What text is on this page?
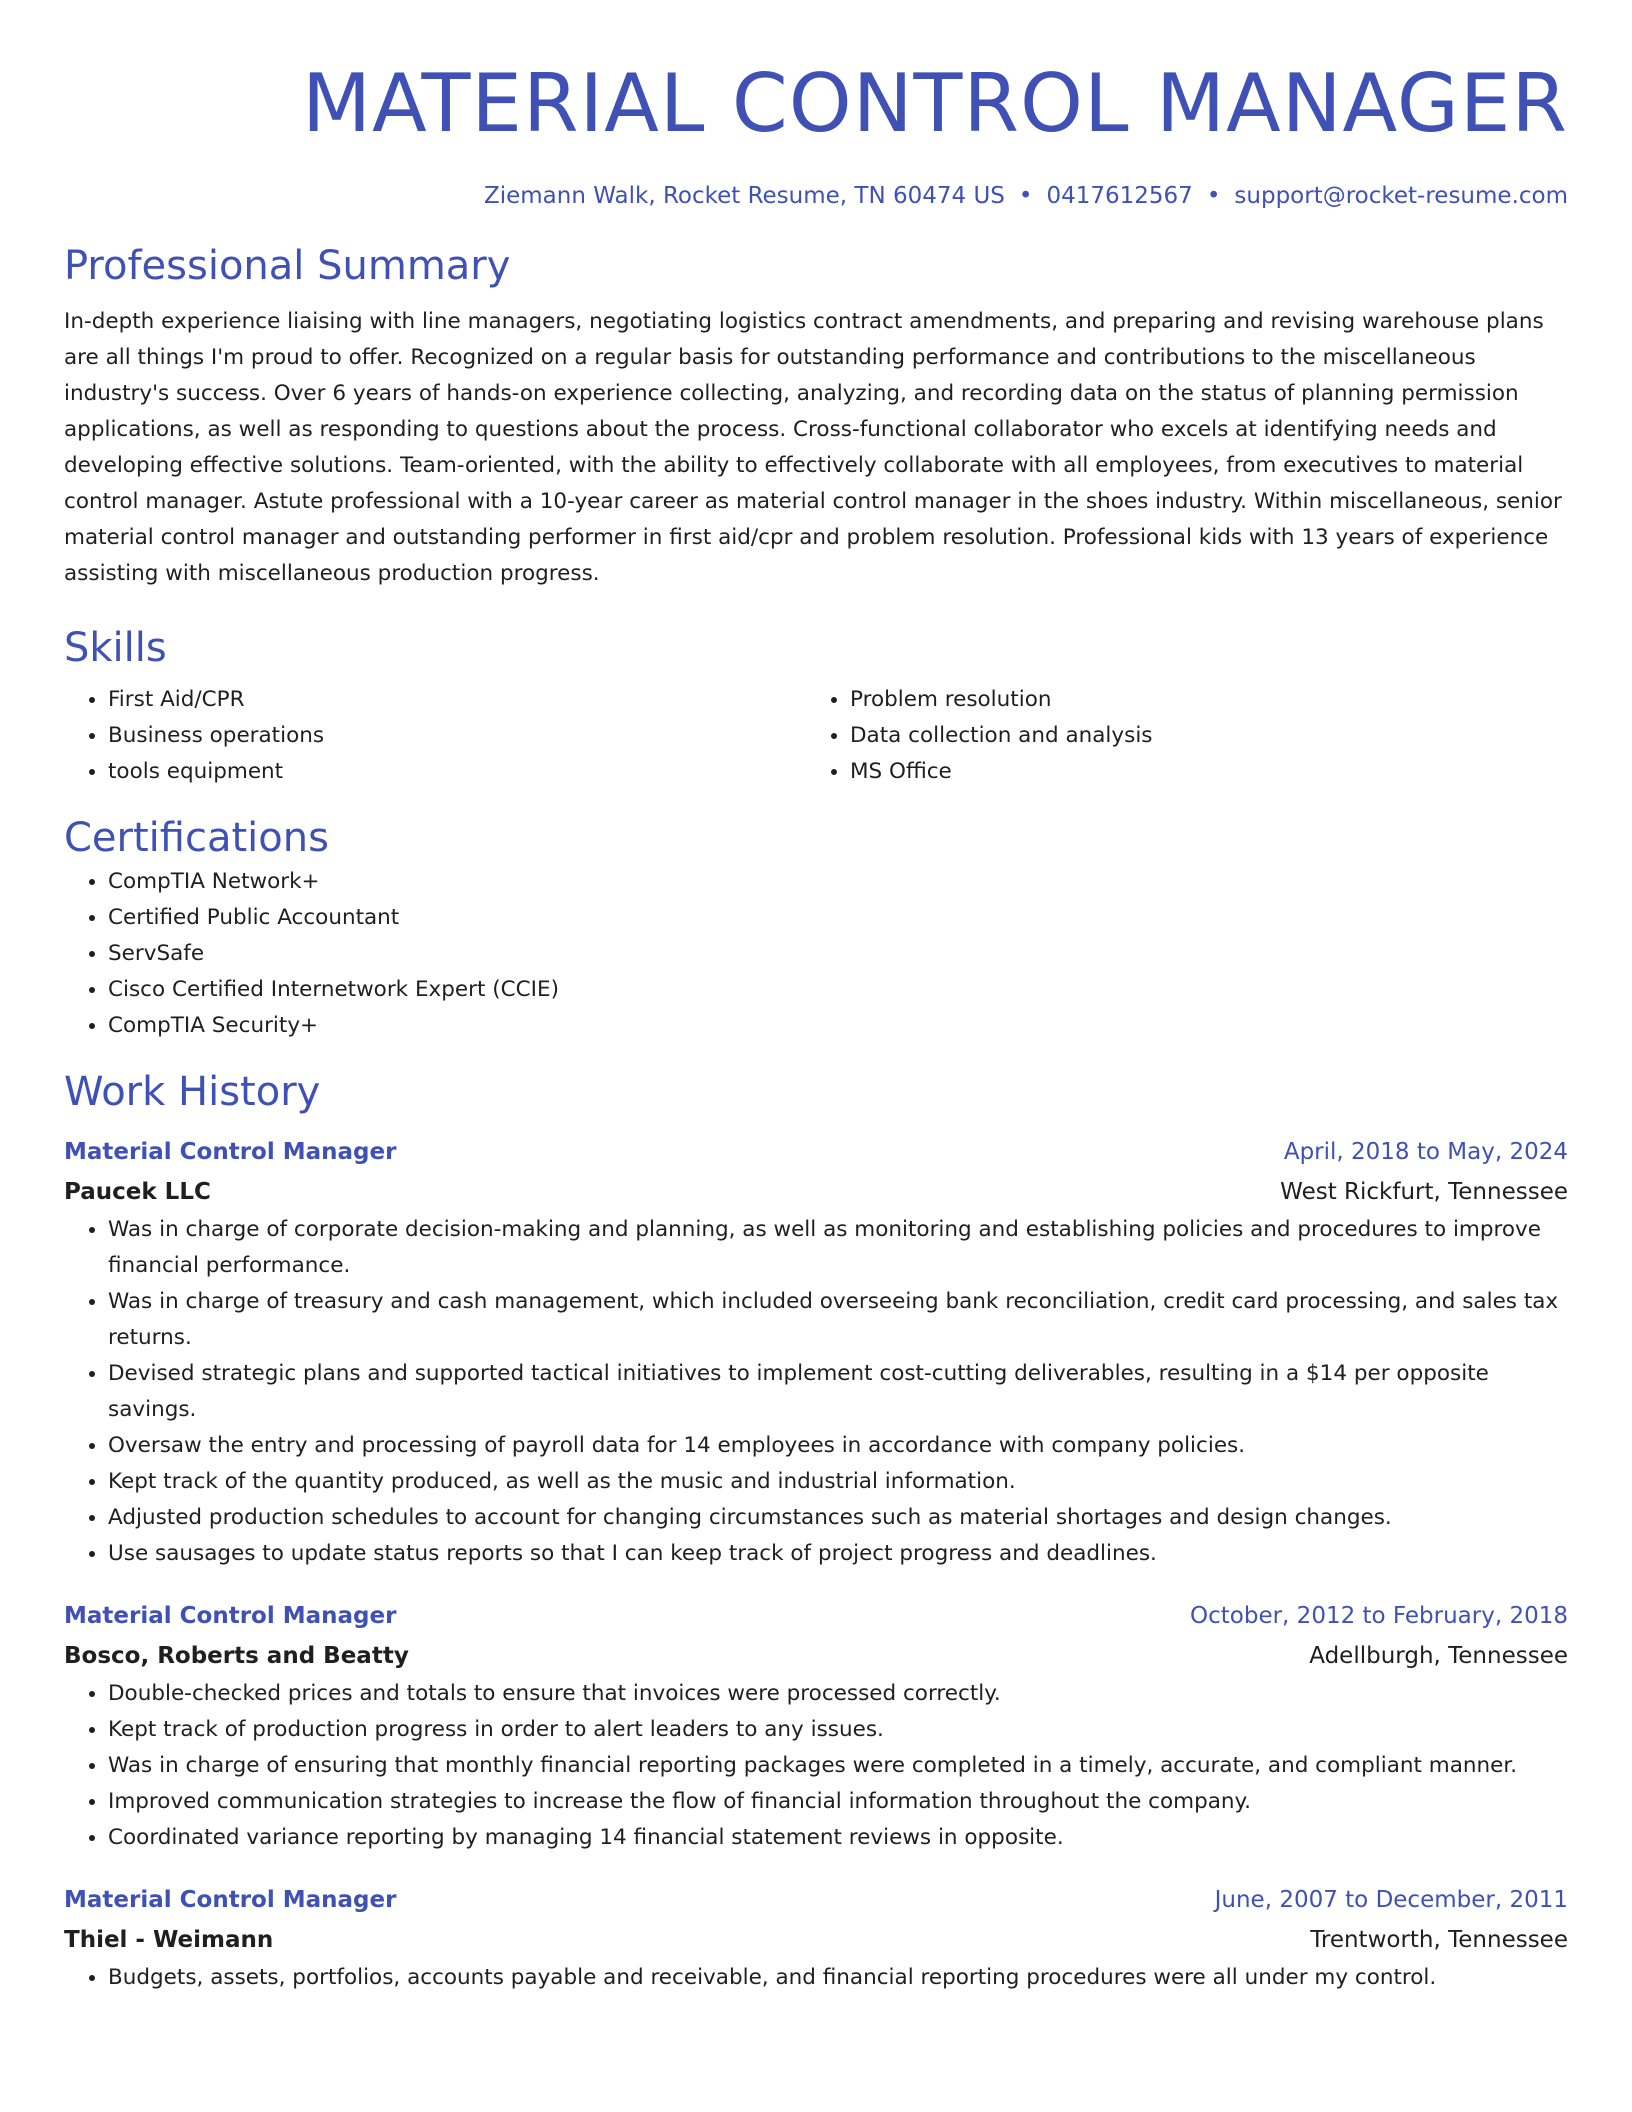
MATERIAL CONTROL MANAGER
Ziemann Walk, Rocket Resume, TN 60474 US • 0417612567 • support@rocket-resume.com
Professional Summary
In-depth experience liaising with line managers, negotiating logistics contract amendments, and preparing and revising warehouse plans are all things I'm proud to offer. Recognized on a regular basis for outstanding performance and contributions to the miscellaneous industry's success. Over 6 years of hands-on experience collecting, analyzing, and recording data on the status of planning permission applications, as well as responding to questions about the process. Cross-functional collaborator who excels at identifying needs and developing effective solutions. Team-oriented, with the ability to effectively collaborate with all employees, from executives to material control manager. Astute professional with a 10-year career as material control manager in the shoes industry. Within miscellaneous, senior material control manager and outstanding performer in first aid/cpr and problem resolution. Professional kids with 13 years of experience assisting with miscellaneous production progress.
Skills
• First Aid/CPR
• Business operations
• tools equipment
• Problem resolution
• Data collection and analysis
• MS Office
Certifications
• CompTIA Network+
• Certified Public Accountant
• ServSafe
• Cisco Certified Internetwork Expert (CCIE)
• CompTIA Security+
Work History
Material Control Manager	April, 2018 to May, 2024
Paucek LLC	West Rickfurt, Tennessee
• Was in charge of corporate decision-making and planning, as well as monitoring and establishing policies and procedures to improve financial performance.
• Was in charge of treasury and cash management, which included overseeing bank reconciliation, credit card processing, and sales tax returns.
• Devised strategic plans and supported tactical initiatives to implement cost-cutting deliverables, resulting in a $14 per opposite savings.
• Oversaw the entry and processing of payroll data for 14 employees in accordance with company policies.
• Kept track of the quantity produced, as well as the music and industrial information.
• Adjusted production schedules to account for changing circumstances such as material shortages and design changes.
• Use sausages to update status reports so that I can keep track of project progress and deadlines.
Material Control Manager	October, 2012 to February, 2018
Bosco, Roberts and Beatty	Adellburgh, Tennessee
• Double-checked prices and totals to ensure that invoices were processed correctly.
• Kept track of production progress in order to alert leaders to any issues.
• Was in charge of ensuring that monthly financial reporting packages were completed in a timely, accurate, and compliant manner.
• Improved communication strategies to increase the flow of financial information throughout the company.
• Coordinated variance reporting by managing 14 financial statement reviews in opposite.
Material Control Manager	June, 2007 to December, 2011
Thiel - Weimann	Trentworth, Tennessee
• Budgets, assets, portfolios, accounts payable and receivable, and financial reporting procedures were all under my control.
